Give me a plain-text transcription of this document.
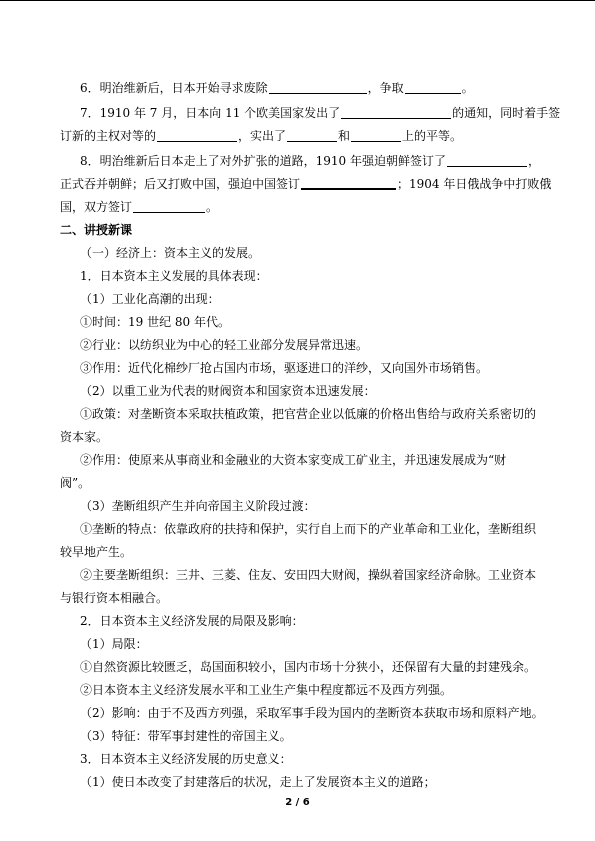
6．明治维新后，日本开始寻求废除	，争取	。
7．1910 年 7 月，日本向 11 个欧美国家发出了	的通知，同时着手签
订新的主权对等的	，实出了	和	上的平等。
8．明治维新后日本走上了对外扩张的道路，1910 年强迫朝鲜签订了	，
正式吞并朝鲜；后又打败中国，强迫中国签订	；1904 年日俄战争中打败俄
国，双方签订	。
二、讲授新课
（一）经济上：资本主义的发展。
1．日本资本主义发展的具体表现：
（1）工业化高潮的出现：
①时间：19 世纪 80 年代。
②行业：以纺织业为中心的轻工业部分发展异常迅速。
③作用：近代化棉纱厂抢占国内市场，驱逐进口的洋纱，又向国外市场销售。
（2）以重工业为代表的财阀资本和国家资本迅速发展：
①政策：对垄断资本采取扶植政策，把官营企业以低廉的价格出售给与政府关系密切的
资本家。
②作用：使原来从事商业和金融业的大资本家变成工矿业主，并迅速发展成为“财
阀”。
（3）垄断组织产生并向帝国主义阶段过渡：
①垄断的特点：依靠政府的扶持和保护，实行自上而下的产业革命和工业化，垄断组织
较早地产生。
②主要垄断组织：三井、三菱、住友、安田四大财阀，操纵着国家经济命脉。工业资本
与银行资本相融合。
2．日本资本主义经济发展的局限及影响：
（1）局限：
①自然资源比较匮乏，岛国面积较小，国内市场十分狭小，还保留有大量的封建残余。
②日本资本主义经济发展水平和工业生产集中程度都远不及西方列强。
（2）影响：由于不及西方列强，采取军事手段为国内的垄断资本获取市场和原料产地。
（3）特征：带军事封建性的帝国主义。
3．日本资本主义经济发展的历史意义：
（1）使日本改变了封建落后的状况，走上了发展资本主义的道路；
2 / 6
